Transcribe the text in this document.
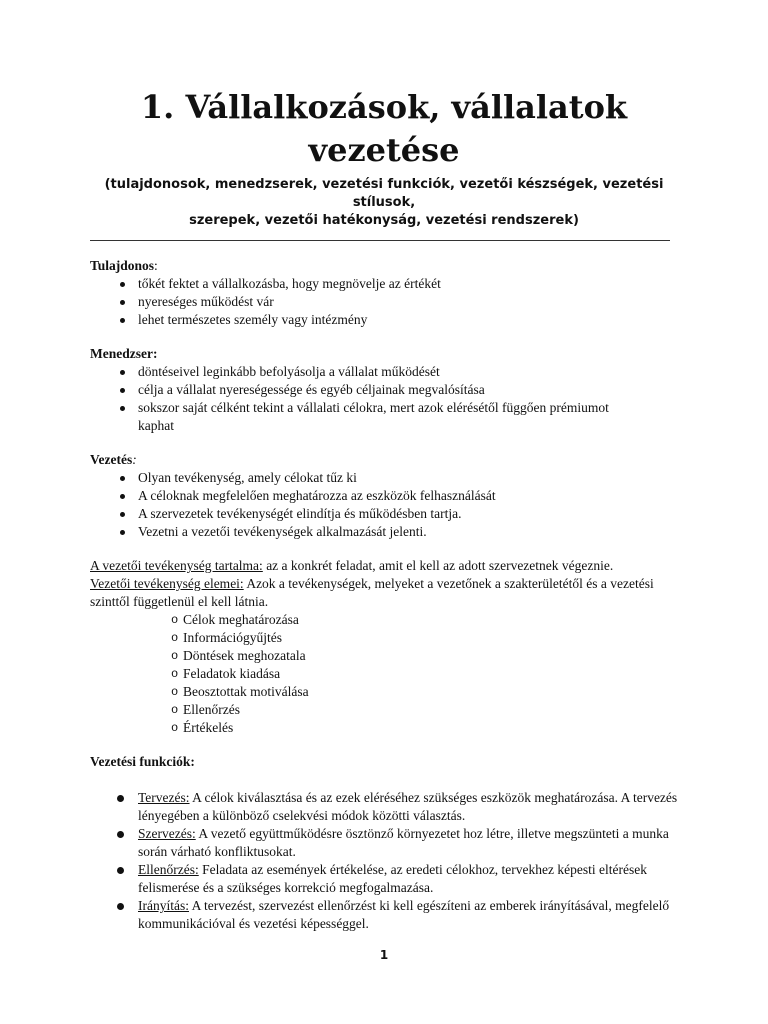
1. Vállalkozások, vállalatok
vezetése
(tulajdonosok, menedzserek, vezetési funkciók, vezetői készségek, vezetési stílusok,
szerepek, vezetői hatékonyság, vezetési rendszerek)

Tulajdonos:

tőkét fektet a vállalkozásba, hogy megnövelje az értékét
nyereséges működést vár
lehet természetes személy vagy intézmény

Menedzser:

döntéseivel leginkább befolyásolja a vállalat működését
célja a vállalat nyereségessége és egyéb céljainak megvalósítása
sokszor saját célként tekint a vállalati célokra, mert azok elérésétől függően prémiumot kaphat

Vezetés:

Olyan tevékenység, amely célokat tűz ki
A céloknak megfelelően meghatározza az eszközök felhasználását
A szervezetek tevékenységét elindítja és működésben tartja.
Vezetni a vezetői tevékenységek alkalmazását jelenti.

A vezetői tevékenység tartalma: az a konkrét feladat, amit el kell az adott szervezetnek végeznie.

Vezetői tevékenység elemei: Azok a tevékenységek, melyeket a vezetőnek a szakterületétől és a vezetési szinttől függetlenül el kell látnia.

o Célok meghatározása
o Információgyűjtés
o Döntések meghozatala
o Feladatok kiadása
o Beosztottak motiválása
o Ellenőrzés
o Értékelés

Vezetési funkciók:

Tervezés: A célok kiválasztása és az ezek eléréséhez szükséges eszközök meghatározása. A tervezés lényegében a különböző cselekvési módok közötti választás.
Szervezés: A vezető együttműködésre ösztönző környezetet hoz létre, illetve megszünteti a munka során várható konfliktusokat.
Ellenőrzés: Feladata az események értékelése, az eredeti célokhoz, tervekhez képesti eltérések felismerése és a szükséges korrekció megfogalmazása.
Irányítás: A tervezést, szervezést ellenőrzést ki kell egészíteni az emberek irányításával, megfelelő kommunikációval és vezetési képességgel.
1
